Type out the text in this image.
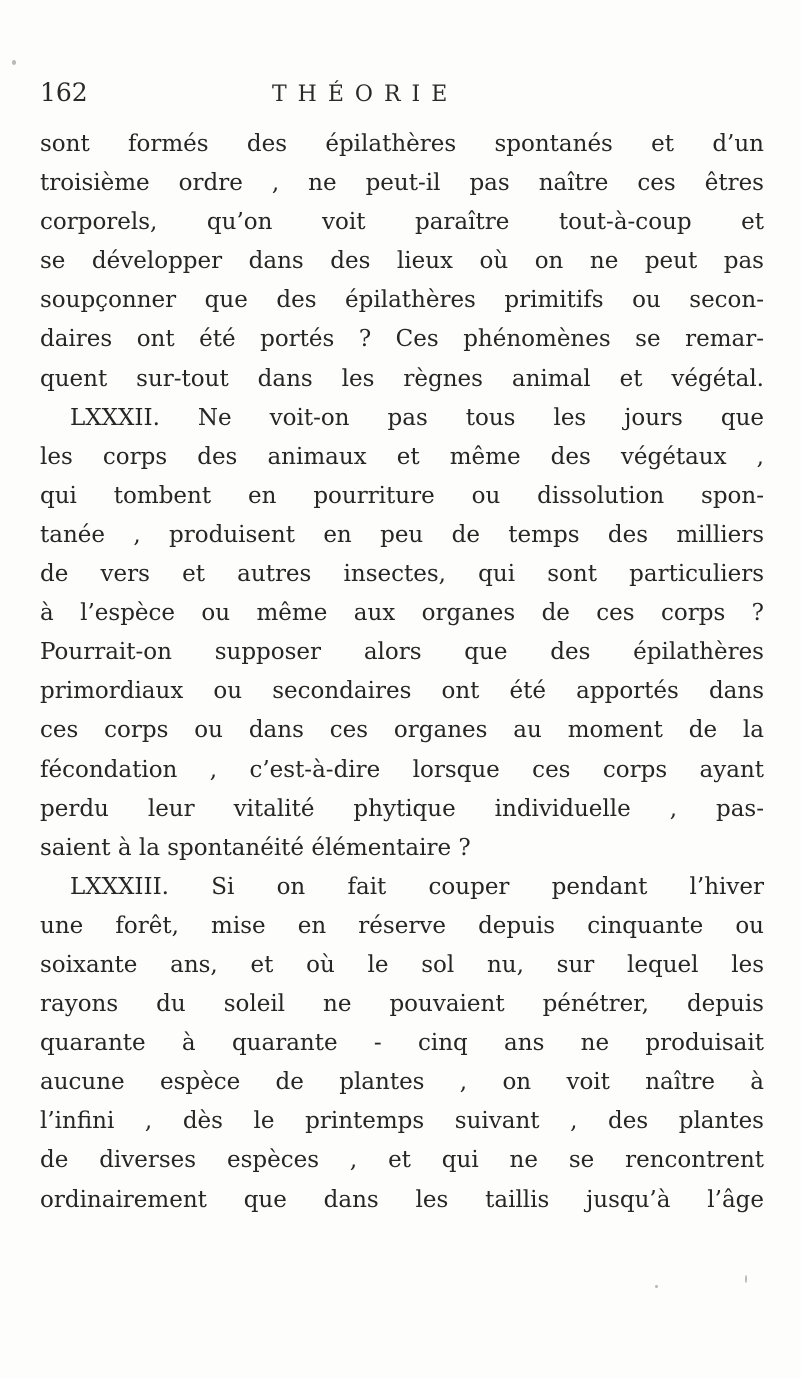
162	THÉORIE
sont formés des épilathères spontanés et d’un
troisième ordre , ne peut-il pas naître ces êtres
corporels, qu’on voit paraître tout-à-coup et
se développer dans des lieux où on ne peut pas
soupçonner que des épilathères primitifs ou secon-
daires ont été portés ? Ces phénomènes se remar-
quent sur-tout dans les règnes animal et végétal.
LXXXII. Ne voit-on pas tous les jours que
les corps des animaux et même des végétaux ,
qui tombent en pourriture ou dissolution spon-
tanée , produisent en peu de temps des milliers
de vers et autres insectes, qui sont particuliers
à l’espèce ou même aux organes de ces corps ?
Pourrait-on supposer alors que des épilathères
primordiaux ou secondaires ont été apportés dans
ces corps ou dans ces organes au moment de la
fécondation , c’est-à-dire lorsque ces corps ayant
perdu leur vitalité phytique individuelle , pas-
saient à la spontanéité élémentaire ?
LXXXIII. Si on fait couper pendant l’hiver
une forêt, mise en réserve depuis cinquante ou
soixante ans, et où le sol nu, sur lequel les
rayons du soleil ne pouvaient pénétrer, depuis
quarante à quarante - cinq ans ne produisait
aucune espèce de plantes , on voit naître à
l’infini , dès le printemps suivant , des plantes
de diverses espèces , et qui ne se rencontrent
ordinairement que dans les taillis jusqu’à l’âge
